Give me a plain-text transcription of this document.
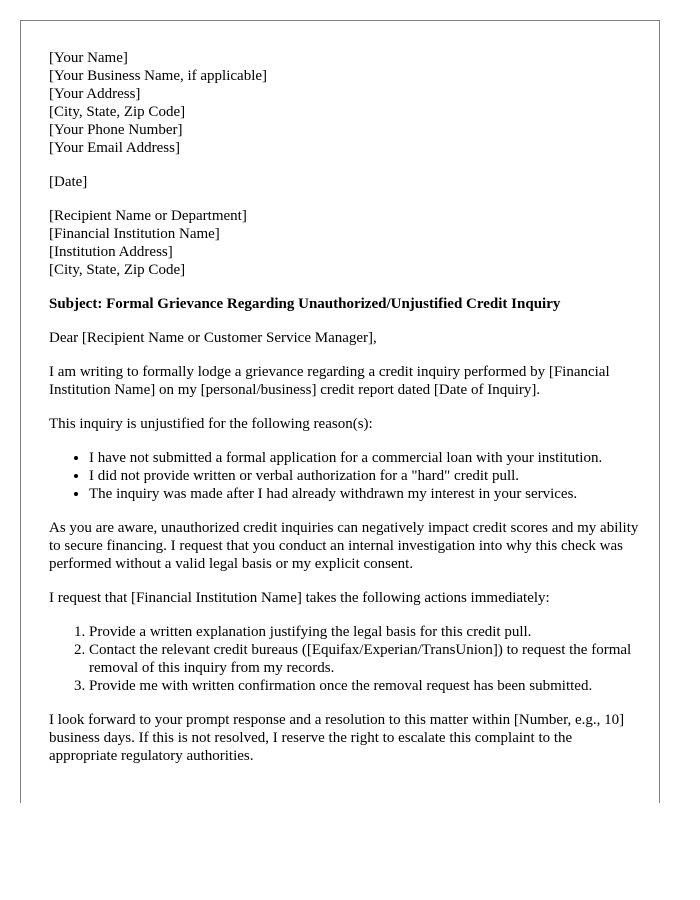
[Your Name]
[Your Business Name, if applicable]
[Your Address]
[City, State, Zip Code]
[Your Phone Number]
[Your Email Address]
[Date]
[Recipient Name or Department]
[Financial Institution Name]
[Institution Address]
[City, State, Zip Code]

Subject: Formal Grievance Regarding Unauthorized/Unjustified Credit Inquiry

Dear [Recipient Name or Customer Service Manager],

I am writing to formally lodge a grievance regarding a credit inquiry performed by [Financial Institution Name] on my [personal/business] credit report dated [Date of Inquiry].

This inquiry is unjustified for the following reason(s):

• I have not submitted a formal application for a commercial loan with your institution.
• I did not provide written or verbal authorization for a "hard" credit pull.
• The inquiry was made after I had already withdrawn my interest in your services.

As you are aware, unauthorized credit inquiries can negatively impact credit scores and my ability to secure financing. I request that you conduct an internal investigation into why this check was performed without a valid legal basis or my explicit consent.

I request that [Financial Institution Name] takes the following actions immediately:

1. Provide a written explanation justifying the legal basis for this credit pull.
2. Contact the relevant credit bureaus ([Equifax/Experian/TransUnion]) to request the formal removal of this inquiry from my records.
3. Provide me with written confirmation once the removal request has been submitted.

I look forward to your prompt response and a resolution to this matter within [Number, e.g., 10] business days. If this is not resolved, I reserve the right to escalate this complaint to the appropriate regulatory authorities.
